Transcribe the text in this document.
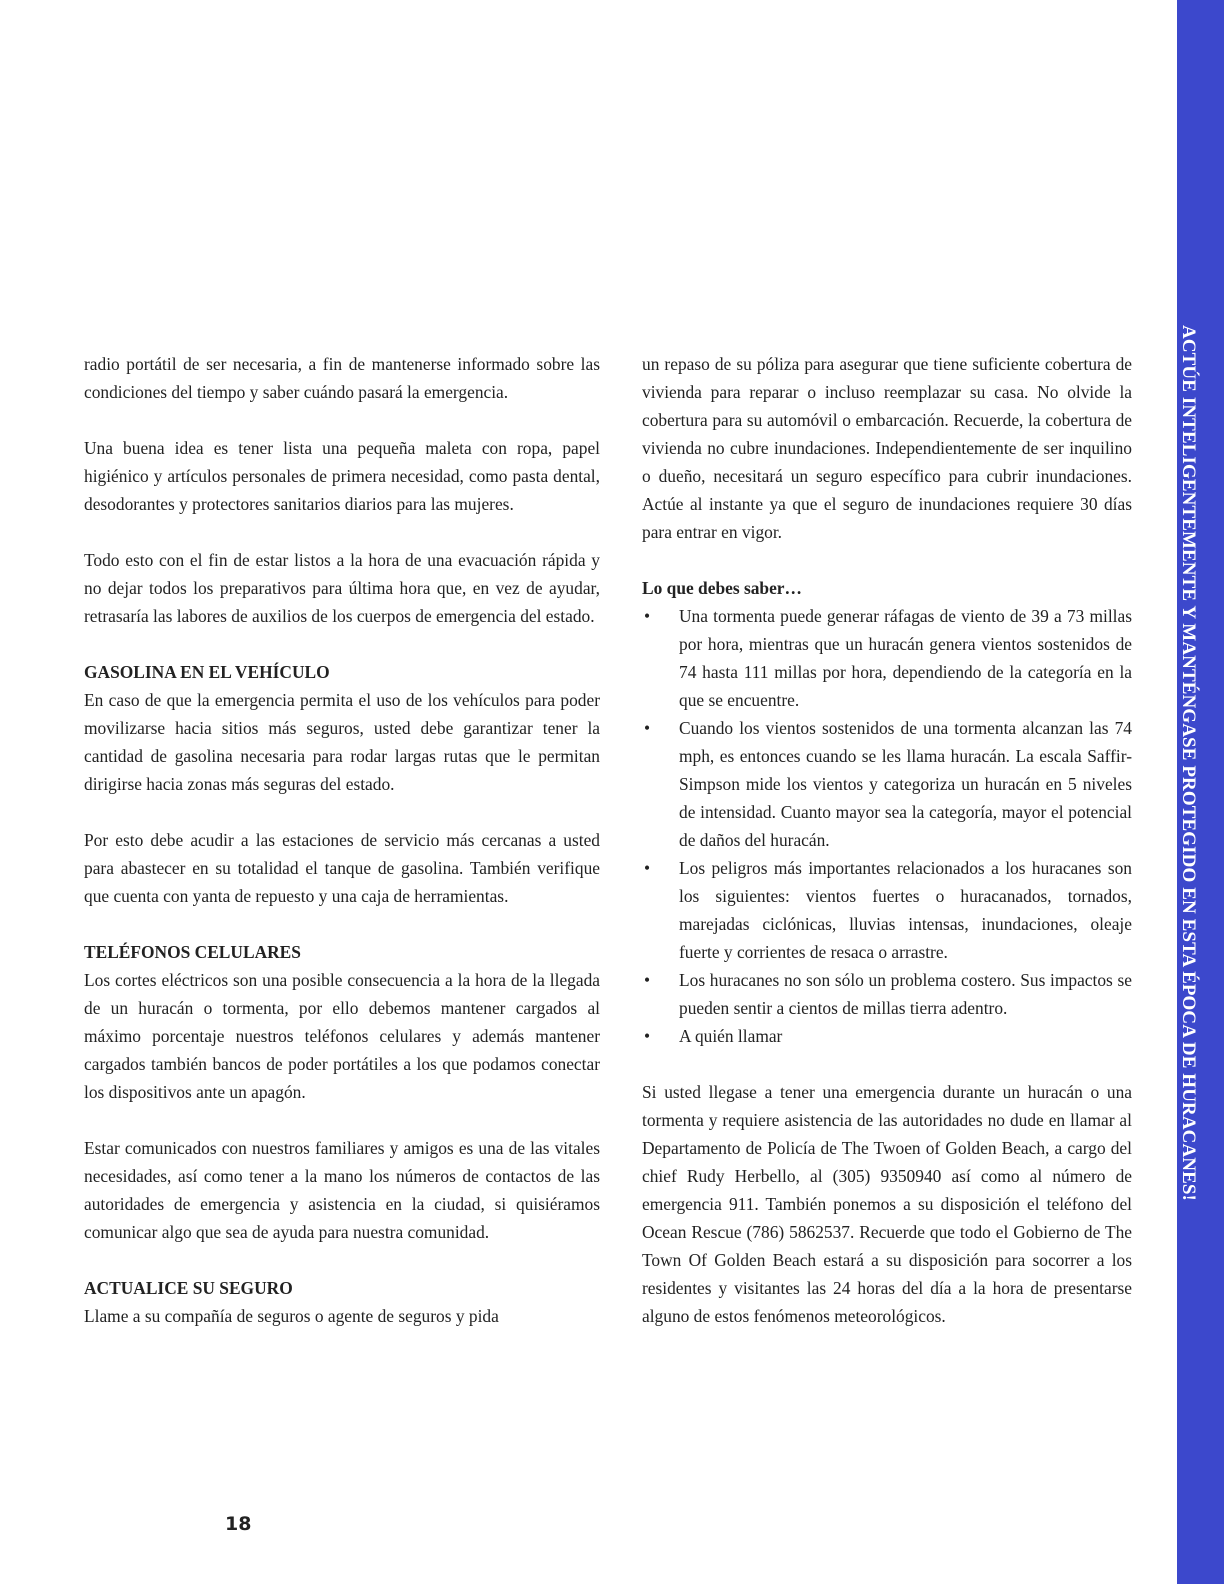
ACTÚE INTELIGENTEMENTE Y MANTÉNGASE PROTEGIDO EN ESTA ÉPOCA DE HURACANES!

radio portátil de ser necesaria, a fin de mantenerse informado sobre las condiciones del tiempo y saber cuándo pasará la emergencia.

Una buena idea es tener lista una pequeña maleta con ropa, papel higiénico y artículos personales de primera necesidad, como pasta dental, desodorantes y protectores sanitarios diarios para las mujeres.

Todo esto con el fin de estar listos a la hora de una evacuación rápida y no dejar todos los preparativos para última hora que, en vez de ayudar, retrasaría las labores de auxilios de los cuerpos de emergencia del estado.

GASOLINA EN EL VEHÍCULO

En caso de que la emergencia permita el uso de los vehículos para poder movilizarse hacia sitios más seguros, usted debe garantizar tener la cantidad de gasolina necesaria para rodar largas rutas que le permitan dirigirse hacia zonas más seguras del estado.

Por esto debe acudir a las estaciones de servicio más cercanas a usted para abastecer en su totalidad el tanque de gasolina. También verifique que cuenta con yanta de repuesto y una caja de herramientas.

TELÉFONOS CELULARES

Los cortes eléctricos son una posible consecuencia a la hora de la llegada de un huracán o tormenta, por ello debemos mantener cargados al máximo porcentaje nuestros teléfonos celulares y además mantener cargados también bancos de poder portátiles a los que podamos conectar los dispositivos ante un apagón.

Estar comunicados con nuestros familiares y amigos es una de las vitales necesidades, así como tener a la mano los números de contactos de las autoridades de emergencia y asistencia en la ciudad, si quisiéramos comunicar algo que sea de ayuda para nuestra comunidad.

ACTUALICE SU SEGURO

Llame a su compañía de seguros o agente de seguros y pida

un repaso de su póliza para asegurar que tiene suficiente cobertura de vivienda para reparar o incluso reemplazar su casa. No olvide la cobertura para su automóvil o embarcación. Recuerde, la cobertura de vivienda no cubre inundaciones. Independientemente de ser inquilino o dueño, necesitará un seguro específico para cubrir inundaciones. Actúe al instante ya que el seguro de inundaciones requiere 30 días para entrar en vigor.

Lo que debes saber…
• Una tormenta puede generar ráfagas de viento de 39 a 73 millas por hora, mientras que un huracán genera vientos sostenidos de 74 hasta 111 millas por hora, dependiendo de la categoría en la que se encuentre.
• Cuando los vientos sostenidos de una tormenta alcanzan las 74 mph, es entonces cuando se les llama huracán. La escala Saffir-Simpson mide los vientos y categoriza un huracán en 5 niveles de intensidad. Cuanto mayor sea la categoría, mayor el potencial de daños del huracán.
• Los peligros más importantes relacionados a los huracanes son los siguientes: vientos fuertes o huracanados, tornados, marejadas ciclónicas, lluvias intensas, inundaciones, oleaje fuerte y corrientes de resaca o arrastre.
• Los huracanes no son sólo un problema costero. Sus impactos se pueden sentir a cientos de millas tierra adentro.
• A quién llamar

Si usted llegase a tener una emergencia durante un huracán o una tormenta y requiere asistencia de las autoridades no dude en llamar al Departamento de Policía de The Twoen of Golden Beach, a cargo del chief Rudy Herbello, al (305) 9350940 así como al número de emergencia 911. También ponemos a su disposición el teléfono del Ocean Rescue (786) 5862537. Recuerde que todo el Gobierno de The Town Of Golden Beach estará a su disposición para socorrer a los residentes y visitantes las 24 horas del día a la hora de presentarse alguno de estos fenómenos meteorológicos.

18
